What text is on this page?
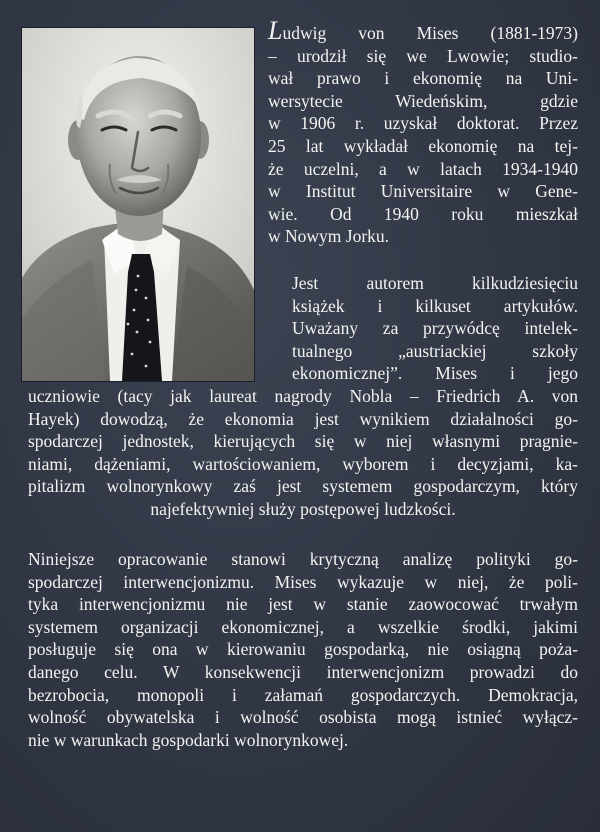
Ludwig von Mises (1881-1973)
– urodził się we Lwowie; studio-
wał prawo i ekonomię na Uni-
wersytecie Wiedeńskim, gdzie
w 1906 r. uzyskał doktorat. Przez
25 lat wykładał ekonomię na tej-
że uczelni, a w latach 1934-1940
w Institut Universitaire w Gene-
wie. Od 1940 roku mieszkał
w Nowym Jorku.
Jest autorem kilkudziesięciu
książek i kilkuset artykułów.
Uważany za przywódcę intelek-
tualnego „austriackiej szkoły
ekonomicznej”. Mises i jego
uczniowie (tacy jak laureat nagrody Nobla – Friedrich A. von
Hayek) dowodzą, że ekonomia jest wynikiem działalności go-
spodarczej jednostek, kierujących się w niej własnymi pragnie-
niami, dążeniami, wartościowaniem, wyborem i decyzjami, ka-
pitalizm wolnorynkowy zaś jest systemem gospodarczym, który
najefektywniej służy postępowej ludzkości.
Niniejsze opracowanie stanowi krytyczną analizę polityki go-
spodarczej interwencjonizmu. Mises wykazuje w niej, że poli-
tyka interwencjonizmu nie jest w stanie zaowocować trwałym
systemem organizacji ekonomicznej, a wszelkie środki, jakimi
posługuje się ona w kierowaniu gospodarką, nie osiągną poża-
danego celu. W konsekwencji interwencjonizm prowadzi do
bezrobocia, monopoli i załamań gospodarczych. Demokracja,
wolność obywatelska i wolność osobista mogą istnieć wyłącz-
nie w warunkach gospodarki wolnorynkowej.
